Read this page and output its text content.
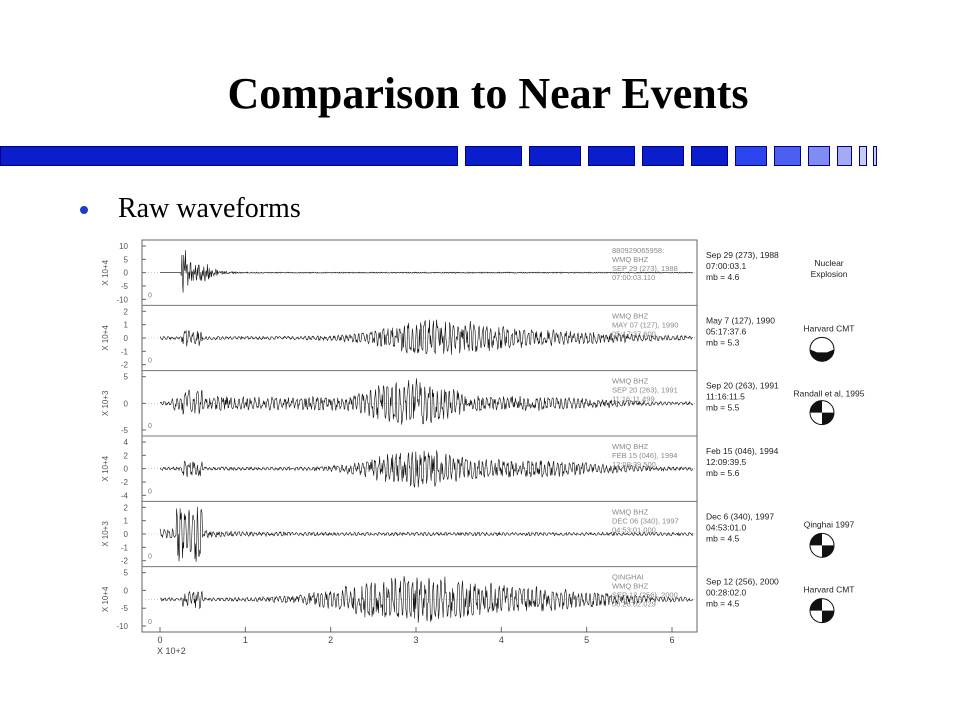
Comparison to Near Events
Raw waveforms
0	1	2	3	4	5	6
X 10+2
10
5
0
-5
-10
X 10+4
0
880929065958:
WMQ BHZ
SEP 29 (273), 1988
07:00:03.110
Sep 29 (273), 1988
07:00:03.1
mb = 4.6
Nuclear
Explosion
2
1
0
-1
-2
X 10+4
0
WMQ BHZ
MAY 07 (127), 1990
05:17:37.600
May 7 (127), 1990
05:17:37.6
mb = 5.3
Harvard CMT
5
0
-5
X 10+3
0
WMQ BHZ
SEP 20 (263), 1991
11:16:11.499
Sep 20 (263), 1991
11:16:11.5
mb = 5.5
Randall et al, 1995
4
2
0
-2
-4
X 10+4
0
WMQ BHZ
FEB 15 (046), 1994
12:09:39.500
Feb 15 (046), 1994
12:09:39.5
mb = 5.6
2
1
0
-1
-2
X 10+3
0
WMQ BHZ
DEC 06 (340), 1997
04:53:01.000
Dec 6 (340), 1997
04:53:01.0
mb = 4.5
Qinghai 1997
5
0
-5
-10
X 10+4
0
QINGHAI
WMQ BHZ
SEP 12 (256), 2000
00:28:02.029
Sep 12 (256), 2000
00:28:02.0
mb = 4.5
Harvard CMT
